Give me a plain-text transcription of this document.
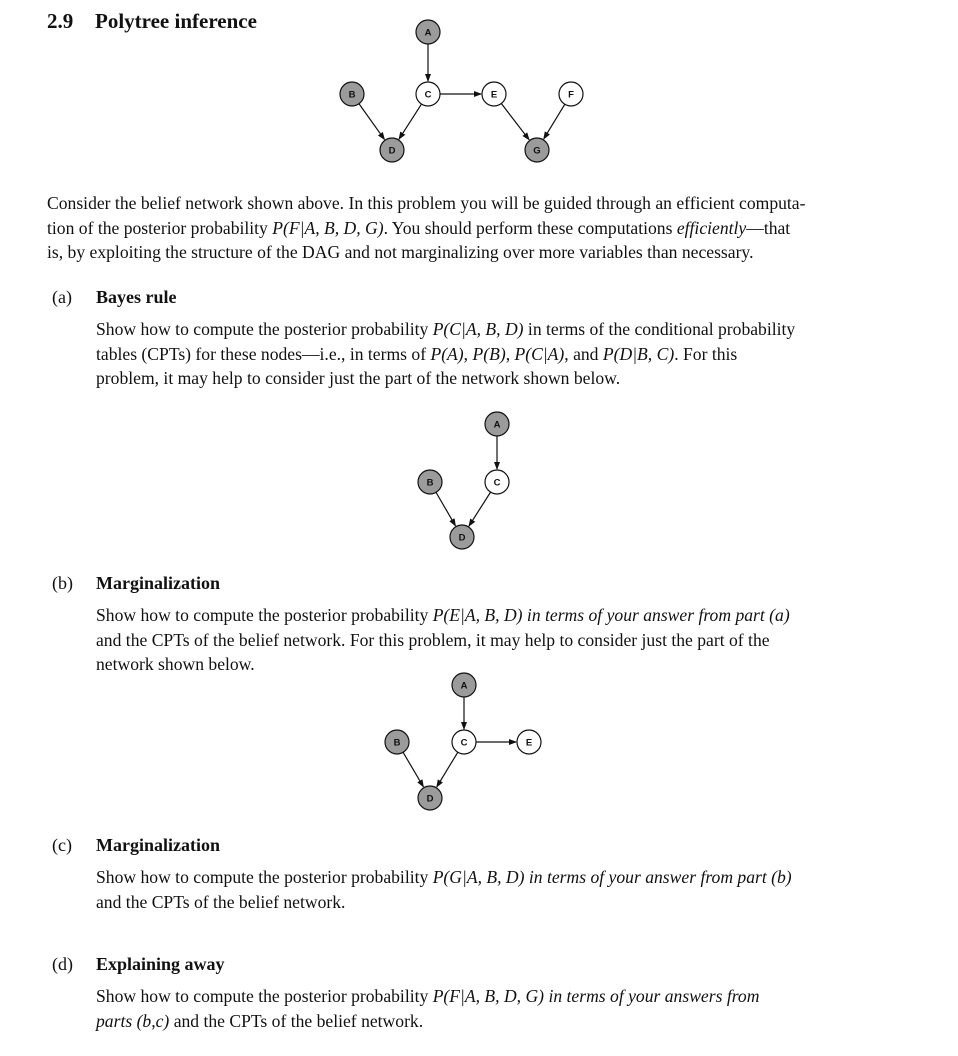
2.9 Polytree inference	A
B	C	E	F
D	G
A
B	C
D
A
B	C	E
D
Consider the belief network shown above. In this problem you will be guided through an efficient computa-
tion of the posterior probability P(F|A, B, D, G). You should perform these computations efficiently—that
is, by exploiting the structure of the DAG and not marginalizing over more variables than necessary.
(a) Bayes rule
Show how to compute the posterior probability P(C|A, B, D) in terms of the conditional probability
tables (CPTs) for these nodes—i.e., in terms of P(A), P(B), P(C|A), and P(D|B, C). For this
problem, it may help to consider just the part of the network shown below.
(b) Marginalization
Show how to compute the posterior probability P(E|A, B, D) in terms of your answer from part (a)
and the CPTs of the belief network. For this problem, it may help to consider just the part of the
network shown below.
(c) Marginalization
Show how to compute the posterior probability P(G|A, B, D) in terms of your answer from part (b)
and the CPTs of the belief network.
(d) Explaining away
Show how to compute the posterior probability P(F|A, B, D, G) in terms of your answers from
parts (b,c) and the CPTs of the belief network.
